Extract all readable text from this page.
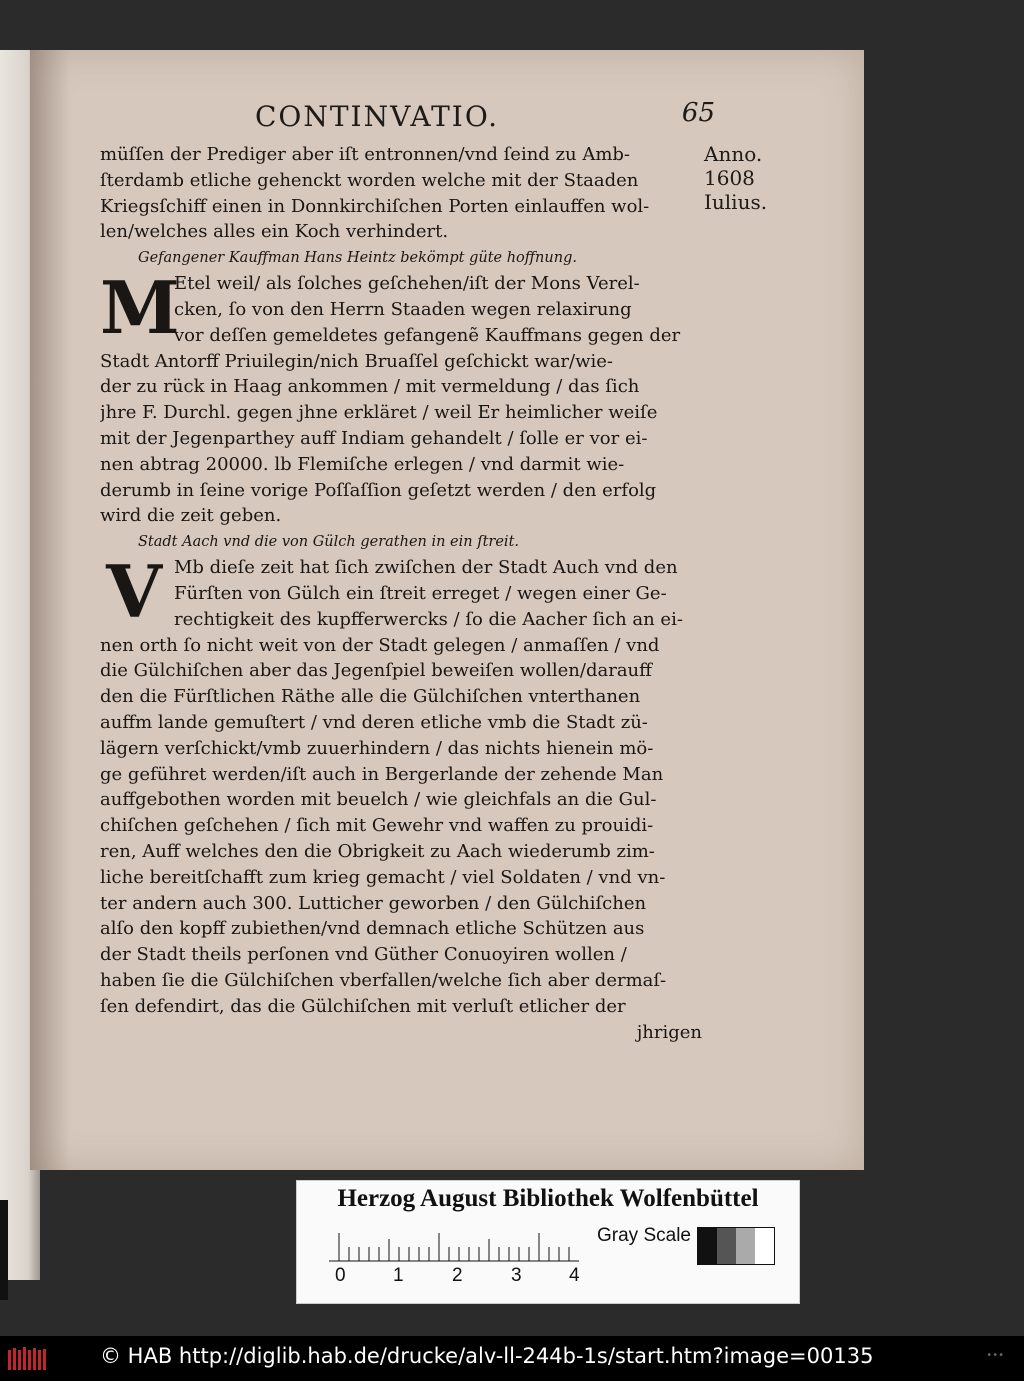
CONTINVATIO.	65
Anno.
1608
Iulius.
müſſen der Prediger aber iſt entronnen/vnd ſeind zu Amb-
ſterdamb etliche gehenckt worden welche mit der Staaden
Kriegsſchiff einen in Donnkirchiſchen Porten einlauffen wol-
len/welches alles ein Koch verhindert.
Gefangener Kauffman Hans Heintz bekömpt güte hoffnung.
M
Etel weil/ als ſolches geſchehen/iſt der Mons Verel-
cken, ſo von den Herrn Staaden wegen relaxirung
vor deſſen gemeldetes gefangenẽ Kauffmans gegen der
Stadt Antorff Priuilegin/nich Bruaſſel geſchickt war/wie-
der zu rück in Haag ankommen / mit vermeldung / das ſich
jhre F. Durchl. gegen jhne erkläret / weil Er heimlicher weiſe
mit der Jegenparthey auff Indiam gehandelt / ſolle er vor ei-
nen abtrag 20000. lb Flemiſche erlegen / vnd darmit wie-
derumb in ſeine vorige Poſſaſſion geſetzt werden / den erfolg
wird die zeit geben.
Stadt Aach vnd die von Gülch gerathen in ein ſtreit.
V Mb dieſe zeit hat ſich zwiſchen der Stadt Auch vnd den
Fürſten von Gülch ein ſtreit erreget / wegen einer Ge-
rechtigkeit des kupfferwercks / ſo die Aacher ſich an ei-
nen orth ſo nicht weit von der Stadt gelegen / anmaſſen / vnd
die Gülchiſchen aber das Jegenſpiel beweiſen wollen/darauff
den die Fürſtlichen Räthe alle die Gülchiſchen vnterthanen
auffm lande gemuſtert / vnd deren etliche vmb die Stadt zü-
lägern verſchickt/vmb zuuerhindern / das nichts hienein mö-
ge geführet werden/iſt auch in Bergerlande der zehende Man
auffgebothen worden mit beuelch / wie gleichfals an die Gul-
chiſchen geſchehen / ſich mit Gewehr vnd waffen zu prouidi-
ren, Auff welches den die Obrigkeit zu Aach wiederumb zim-
liche bereitſchafft zum krieg gemacht / viel Soldaten / vnd vn-
ter andern auch 300. Lutticher geworben / den Gülchiſchen
alſo den kopff zubiethen/vnd demnach etliche Schützen aus
der Stadt theils perſonen vnd Güther Conuoyiren wollen /
haben ſie die Gülchiſchen vberfallen/welche ſich aber dermaſ-
ſen defendirt, das die Gülchiſchen mit verluſt etlicher der
jhrigen
Herzog August Bibliothek Wolfenbüttel
0 1	2	3 4
Gray Scale
© HAB http://diglib.hab.de/drucke/alv-ll-244b-1s/start.htm?image=00135	•••
